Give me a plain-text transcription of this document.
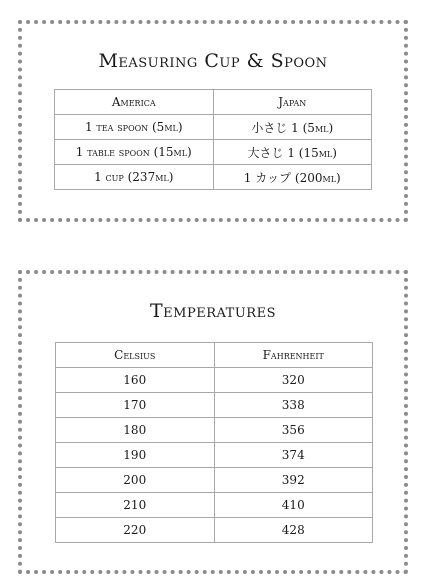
Measuring Cup & Spoon
America	Japan
1 tea spoon (5ml)	小さじ 1 (5ml)
1 table spoon (15ml)	大さじ 1 (15ml)
1 cup (237ml)	1 カップ (200ml)
Temperatures
Celsius	Fahrenheit
160	320
170	338
180	356
190	374
200	392
210	410
220	428
